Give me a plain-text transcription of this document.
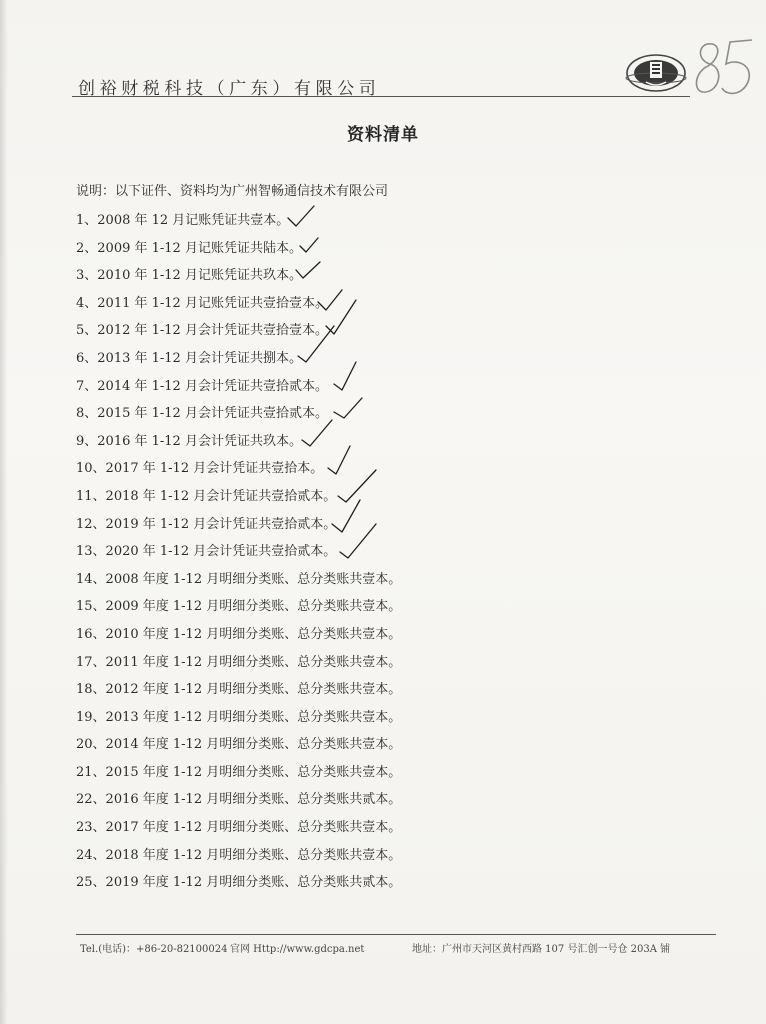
创裕财税科技（广东）有限公司
资料清单
说明：以下证件、资料均为广州智畅通信技术有限公司
1、2008 年 12 月记账凭证共壹本。
2、2009 年 1-12 月记账凭证共陆本。
3、2010 年 1-12 月记账凭证共玖本。
4、2011 年 1-12 月记账凭证共壹拾壹本。
5、2012 年 1-12 月会计凭证共壹拾壹本。
6、2013 年 1-12 月会计凭证共捌本。
7、2014 年 1-12 月会计凭证共壹拾贰本。
8、2015 年 1-12 月会计凭证共壹拾贰本。
9、2016 年 1-12 月会计凭证共玖本。
10、2017 年 1-12 月会计凭证共壹拾本。
11、2018 年 1-12 月会计凭证共壹拾贰本。
12、2019 年 1-12 月会计凭证共壹拾贰本。
13、2020 年 1-12 月会计凭证共壹拾贰本。
14、2008 年度 1-12 月明细分类账、总分类账共壹本。
15、2009 年度 1-12 月明细分类账、总分类账共壹本。
16、2010 年度 1-12 月明细分类账、总分类账共壹本。
17、2011 年度 1-12 月明细分类账、总分类账共壹本。
18、2012 年度 1-12 月明细分类账、总分类账共壹本。
19、2013 年度 1-12 月明细分类账、总分类账共壹本。
20、2014 年度 1-12 月明细分类账、总分类账共壹本。
21、2015 年度 1-12 月明细分类账、总分类账共壹本。
22、2016 年度 1-12 月明细分类账、总分类账共贰本。
23、2017 年度 1-12 月明细分类账、总分类账共壹本。
24、2018 年度 1-12 月明细分类账、总分类账共壹本。
25、2019 年度 1-12 月明细分类账、总分类账共贰本。
Tel.(电话)：+86-20-82100024 官网 Http://www.gdcpa.net	地址：广州市天河区黄村西路 107 号汇创一号仓 203A 铺
